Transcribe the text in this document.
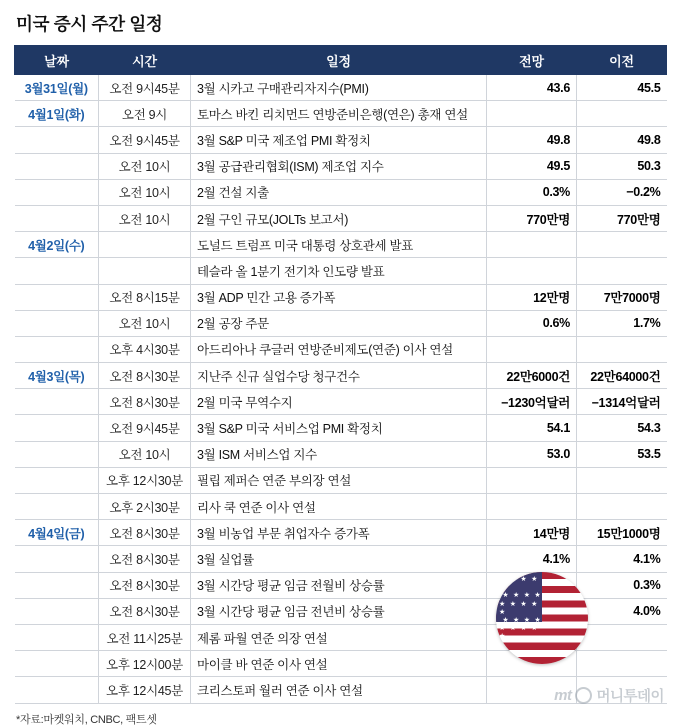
미국 증시 주간 일정
날짜	시간	일정	전망	이전
3월31일(월)	오전 9시45분	3월 시카고 구매관리자지수(PMI)	43.6	45.5
4월1일(화)	오전 9시	토마스 바킨 리치먼드 연방준비은행(연은) 총재 연설		
	오전 9시45분	3월 S&P 미국 제조업 PMI 확정치	49.8	49.8
	오전 10시	3월 공급관리협회(ISM) 제조업 지수	49.5	50.3
	오전 10시	2월 건설 지출	0.3%	−0.2%
	오전 10시	2월 구인 규모(JOLTs 보고서)	770만명	770만명
4월2일(수)		도널드 트럼프 미국 대통령 상호관세 발표		
		테슬라 올 1분기 전기차 인도량 발표		
	오전 8시15분	3월 ADP 민간 고용 증가폭	12만명	7만7000명
	오전 10시	2월 공장 주문	0.6%	1.7%
	오후 4시30분	아드리아나 쿠글러 연방준비제도(연준) 이사 연설		
4월3일(목)	오전 8시30분	지난주 신규 실업수당 청구건수	22만6000건	22만64000건
	오전 8시30분	2월 미국 무역수지	−1230억달러	−1314억달러
	오전 9시45분	3월 S&P 미국 서비스업 PMI 확정치	54.1	54.3
	오전 10시	3월 ISM 서비스업 지수	53.0	53.5
	오후 12시30분	필립 제퍼슨 연준 부의장 연설		
	오후 2시30분	리사 쿡 연준 이사 연설		
4월4일(금)	오전 8시30분	3월 비농업 부문 취업자수 증가폭	14만명	15만1000명
	오전 8시30분	3월 실업률	4.1%	4.1%
	오전 8시30분	3월 시간당 평균 임금 전월비 상승률		0.3%
	오전 8시30분	3월 시간당 평균 임금 전년비 상승률		4.0%
	오전 11시25분	제롬 파월 연준 의장 연설		
	오후 12시00분	마이클 바 연준 이사 연설		
	오후 12시45분	크리스토퍼 월러 연준 이사 연설		
*자료:마켓워치, CNBC, 팩트셋
★ ★ ★ ★ ★
★ ★ ★ ★
★ ★ ★ ★ ★
★ ★ ★ ★
★ ★ ★ ★ ★
mt 머니투데이
